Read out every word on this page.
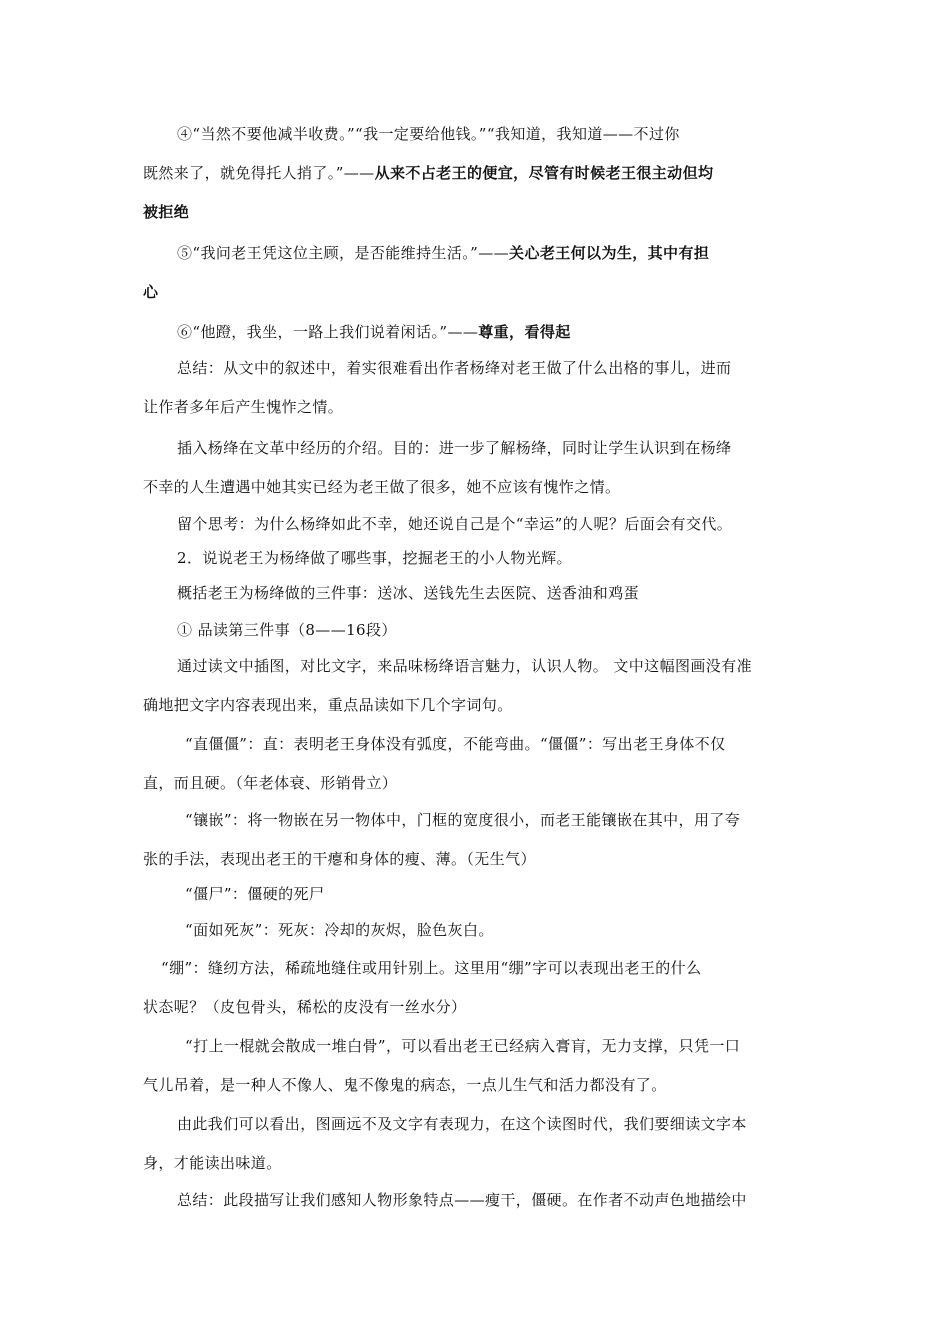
④“当然不要他减半收费。”“我一定要给他钱。”“我知道，我知道——不过你
既然来了，就免得托人捎了。”——从来不占老王的便宜，尽管有时候老王很主动但均
被拒绝
⑤“我问老王凭这位主顾，是否能维持生活。”——关心老王何以为生，其中有担
心
⑥“他蹬，我坐，一路上我们说着闲话。”——尊重，看得起
总结：从文中的叙述中，着实很难看出作者杨绛对老王做了什么出格的事儿，进而
让作者多年后产生愧怍之情。
插入杨绛在文革中经历的介绍。目的：进一步了解杨绛，同时让学生认识到在杨绛
不幸的人生遭遇中她其实已经为老王做了很多，她不应该有愧怍之情。
留个思考：为什么杨绛如此不幸，她还说自己是个“幸运”的人呢？后面会有交代。
2．说说老王为杨绛做了哪些事，挖掘老王的小人物光辉。
概括老王为杨绛做的三件事：送冰、送钱先生去医院、送香油和鸡蛋
① 品读第三件事（8——16段）
通过读文中插图，对比文字，来品味杨绛语言魅力，认识人物。 文中这幅图画没有准
确地把文字内容表现出来，重点品读如下几个字词句。
“直僵僵”：直：表明老王身体没有弧度，不能弯曲。“僵僵”：写出老王身体不仅
直，而且硬。（年老体衰、形销骨立）
“镶嵌”：将一物嵌在另一物体中，门框的宽度很小，而老王能镶嵌在其中，用了夸
张的手法，表现出老王的干瘪和身体的瘦、薄。（无生气）
“僵尸”：僵硬的死尸
“面如死灰”：死灰：冷却的灰烬，脸色灰白。
“绷”：缝纫方法，稀疏地缝住或用针别上。这里用“绷”字可以表现出老王的什么
状态呢？（皮包骨头，稀松的皮没有一丝水分）
“打上一棍就会散成一堆白骨”，可以看出老王已经病入膏肓，无力支撑，只凭一口
气儿吊着，是一种人不像人、鬼不像鬼的病态，一点儿生气和活力都没有了。
由此我们可以看出，图画远不及文字有表现力，在这个读图时代，我们要细读文字本
身，才能读出味道。
总结：此段描写让我们感知人物形象特点——瘦干，僵硬。在作者不动声色地描绘中
